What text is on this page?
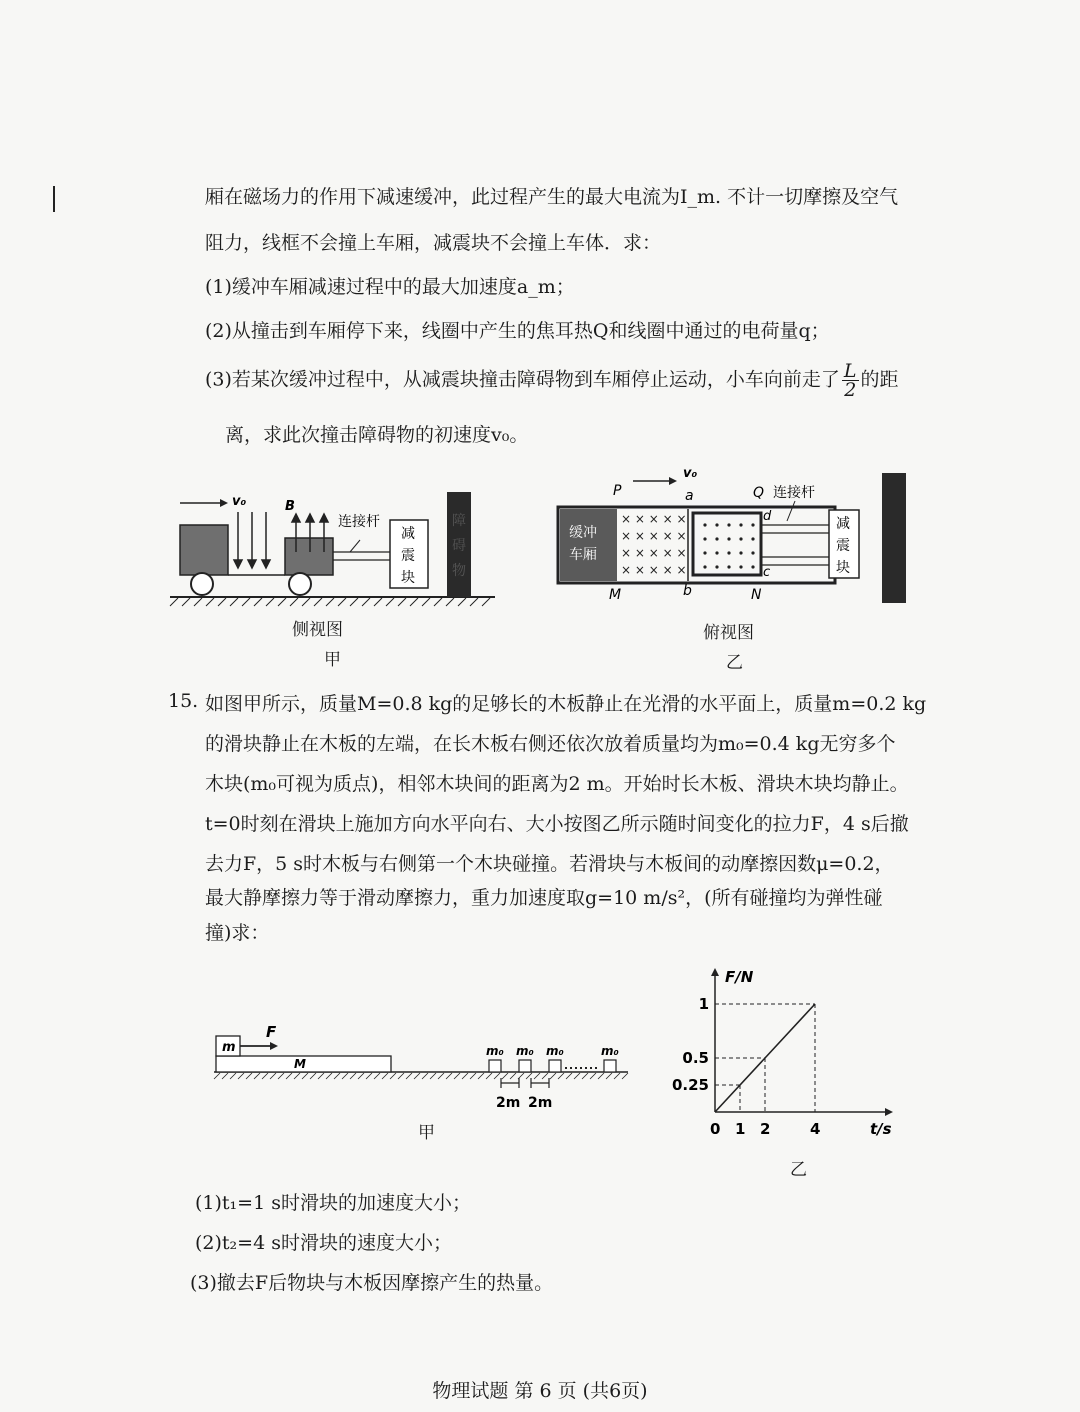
厢在磁场力的作用下减速缓冲，此过程产生的最大电流为I_m. 不计一切摩擦及空气
阻力，线框不会撞上车厢，减震块不会撞上车体．求：
(1)缓冲车厢减速过程中的最大加速度a_m；
(2)从撞击到车厢停下来，线圈中产生的焦耳热Q和线圈中通过的电荷量q；
(3)若某次缓冲过程中，从减震块撞击障碍物到车厢停止运动，小车向前走了 $\frac{L}{2}$ 的距
离，求此次撞击障碍物的初速度v₀。
v₀	B
连接杆
减
震
块
障
碍
物
侧视图
甲
P
v₀
a	Q 连接杆
缓冲
车厢
× × × × ×
× × × × ×
× × × × ×
× × × × ×
d
c
减
震
块
M	b	N
俯视图
乙
15. 如图甲所示，质量M=0.8 kg的足够长的木板静止在光滑的水平面上，质量m=0.2 kg
的滑块静止在木板的左端，在长木板右侧还依次放着质量均为m₀=0.4 kg无穷多个
木块(m₀可视为质点)，相邻木块间的距离为2 m。开始时长木板、滑块木块均静止。
t=0时刻在滑块上施加方向水平向右、大小按图乙所示随时间变化的拉力F，4 s后撤
去力F，5 s时木板与右侧第一个木块碰撞。若滑块与木板间的动摩擦因数μ=0.2，
最大静摩擦力等于滑动摩擦力，重力加速度取g=10 m/s²，(所有碰撞均为弹性碰
撞)求：
M
m
F
m₀ m₀ m₀	m₀
2m 2m
甲
F/N
t/s
0 1 2	4
0.25
0.5
1
乙
(1)t₁=1 s时滑块的加速度大小；
(2)t₂=4 s时滑块的速度大小；
(3)撤去F后物块与木板因摩擦产生的热量。
物理试题 第 6 页 (共6页)
